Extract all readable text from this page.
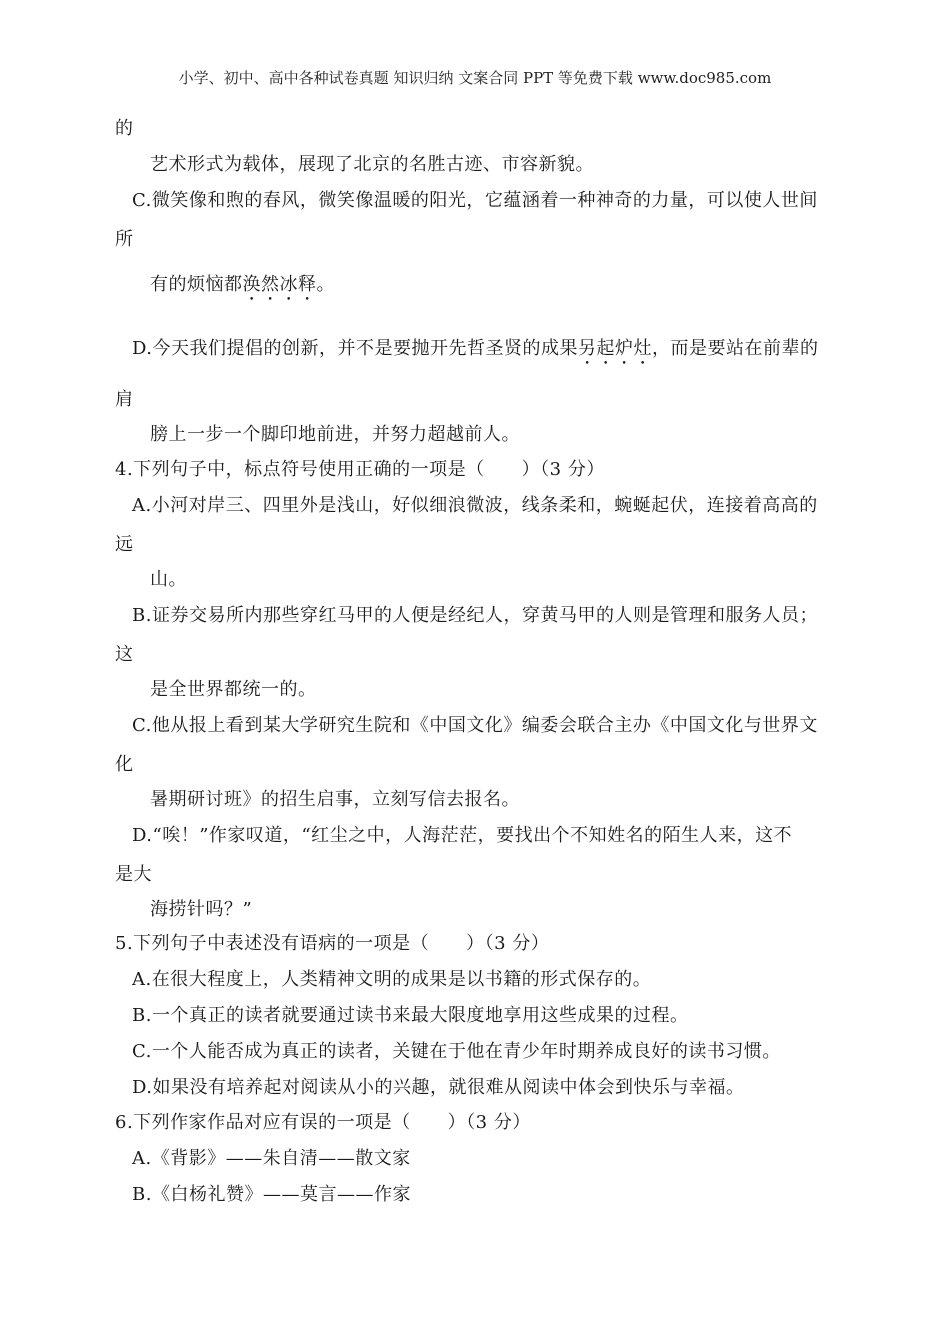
小学、初中、高中各种试卷真题 知识归纳 文案合同 PPT 等免费下载 www.doc985.com
的
艺术形式为载体，展现了北京的名胜古迹、市容新貌。
C.微笑像和煦的春风，微笑像温暖的阳光，它蕴涵着一种神奇的力量，可以使人世间
所
有的烦恼都涣然冰释。
D.今天我们提倡的创新，并不是要抛开先哲圣贤的成果另起炉灶，而是要站在前辈的
肩
膀上一步一个脚印地前进，并努力超越前人。
4.下列句子中，标点符号使用正确的一项是（　　）（3 分）
A.小河对岸三、四里外是浅山，好似细浪微波，线条柔和，蜿蜒起伏，连接着高高的
远
山。
B.证券交易所内那些穿红马甲的人便是经纪人，穿黄马甲的人则是管理和服务人员；
这
是全世界都统一的。
C.他从报上看到某大学研究生院和《中国文化》编委会联合主办《中国文化与世界文
化
暑期研讨班》的招生启事，立刻写信去报名。
D.“唉！”作家叹道，“红尘之中，人海茫茫，要找出个不知姓名的陌生人来，这不
是大
海捞针吗？”
5.下列句子中表述没有语病的一项是（　　）（3 分）
A.在很大程度上，人类精神文明的成果是以书籍的形式保存的。
B.一个真正的读者就要通过读书来最大限度地享用这些成果的过程。
C.一个人能否成为真正的读者，关键在于他在青少年时期养成良好的读书习惯。
D.如果没有培养起对阅读从小的兴趣，就很难从阅读中体会到快乐与幸福。
6.下列作家作品对应有误的一项是（　　）（3 分）
A.《背影》——朱自清——散文家
B.《白杨礼赞》——莫言——作家
